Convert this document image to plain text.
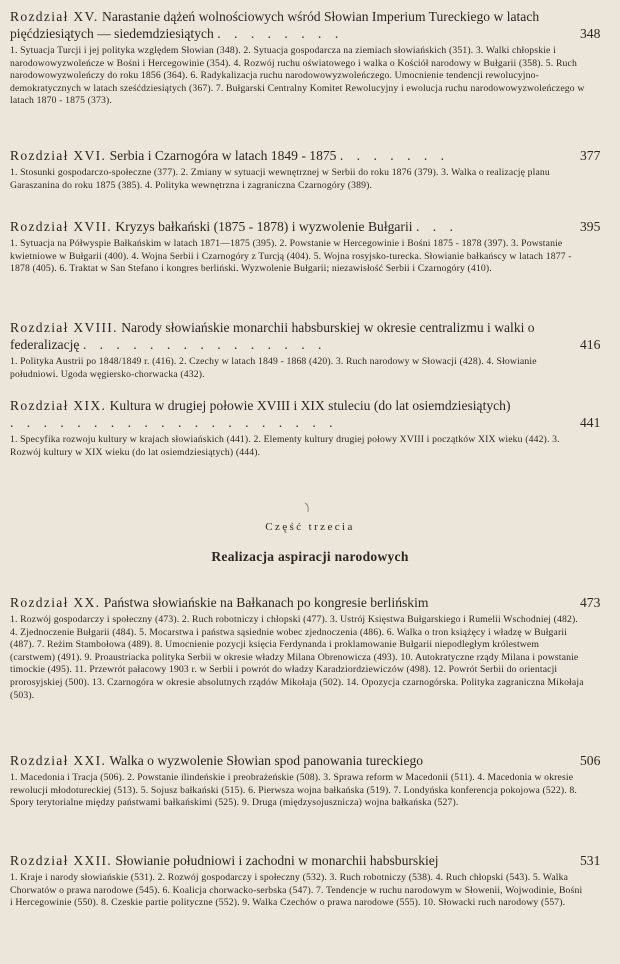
Rozdział XV. Narastanie dążeń wolnościowych wśród Słowian Imperium Tureckiego w latach pięćdziesiątych — siedemdziesiątych . . . . . . . .	348
1. Sytuacja Turcji i jej polityka względem Słowian (348). 2. Sytuacja gospodarcza na ziemiach słowiańskich (351). 3. Walki chłopskie i narodowowyzwoleńcze w Bośni i Hercegowinie (354). 4. Rozwój ruchu oświatowego i walka o Kościół narodowy w Bułgarii (358). 5. Ruch narodowowyzwoleńczy do roku 1856 (364). 6. Radykalizacja ruchu narodowowyzwoleńczego. Umocnienie tendencji rewolucyjno-demokratycznych w latach sześćdziesiątych (367). 7. Bułgarski Centralny Komitet Rewolucyjny i ewolucja ruchu narodowowyzwoleńczego w latach 1870 - 1875 (373).
Rozdział XVI. Serbia i Czarnogóra w latach 1849 - 1875 . . . . . . .	377
1. Stosunki gospodarczo-społeczne (377). 2. Zmiany w sytuacji wewnętrznej w Serbii do roku 1876 (379). 3. Walka o realizację planu Garaszanina do roku 1875 (385). 4. Polityka wewnętrzna i zagraniczna Czarnogóry (389).
Rozdział XVII. Kryzys bałkański (1875 - 1878) i wyzwolenie Bułgarii . . .	395
1. Sytuacja na Półwyspie Bałkańskim w latach 1871—1875 (395). 2. Powstanie w Hercegowinie i Bośni 1875 - 1878 (397). 3. Powstanie kwietniowe w Bułgarii (400). 4. Wojna Serbii i Czarnogóry z Turcją (404). 5. Wojna rosyjsko-turecka. Słowianie bałkańscy w latach 1877 - 1878 (405). 6. Traktat w San Stefano i kongres berliński. Wyzwolenie Bułgarii; niezawisłość Serbii i Czarnogóry (410).
Rozdział XVIII. Narody słowiańskie monarchii habsburskiej w okresie centralizmu i walki o federalizację . . . . . . . . . . . . . . .	416
1. Polityka Austrii po 1848/1849 r. (416). 2. Czechy w latach 1849 - 1868 (420). 3. Ruch narodowy w Słowacji (428). 4. Słowianie południowi. Ugoda węgiersko-chorwacka (432).
Rozdział XIX. Kultura w drugiej połowie XVIII i XIX stuleciu (do lat osiemdziesiątych) . . . . . . . . . . . . . . . . . . . .	441
1. Specyfika rozwoju kultury w krajach słowiańskich (441). 2. Elementy kultury drugiej połowy XVIII i początków XIX wieku (442). 3. Rozwój kultury w XIX wieku (do lat osiemdziesiątych) (444).
Część trzecia
Realizacja aspiracji narodowych
Rozdział XX. Państwa słowiańskie na Bałkanach po kongresie berlińskim	473
1. Rozwój gospodarczy i społeczny (473). 2. Ruch robotniczy i chłopski (477). 3. Ustrój Księstwa Bułgarskiego i Rumelii Wschodniej (482). 4. Zjednoczenie Bułgarii (484). 5. Mocarstwa i państwa sąsiednie wobec zjednoczenia (486). 6. Walka o tron książęcy i władzę w Bułgarii (487). 7. Reżim Stambołowa (489). 8. Umocnienie pozycji księcia Ferdynanda i proklamowanie Bułgarii niepodległym królestwem (carstwem) (491). 9. Proaustriacka polityka Serbii w okresie władzy Milana Obrenowicza (493). 10. Autokratyczne rządy Milana i powstanie timockie (495). 11. Przewrót pałacowy 1903 r. w Serbii i powrót do władzy Karadziordziewiczów (498). 12. Powrót Serbii do orientacji prorosyjskiej (500). 13. Czarnogóra w okresie absolutnych rządów Mikołaja (502). 14. Opozycja czarnogórska. Polityka zagraniczna Mikołaja (503).
Rozdział XXI. Walka o wyzwolenie Słowian spod panowania tureckiego	506
1. Macedonia i Tracja (506). 2. Powstanie ilindeńskie i preobrażeńskie (508). 3. Sprawa reform w Macedonii (511). 4. Macedonia w okresie rewolucji młodotureckiej (513). 5. Sojusz bałkański (515). 6. Pierwsza wojna bałkańska (519). 7. Londyńska konferencja pokojowa (522). 8. Spory terytorialne między państwami bałkańskimi (525). 9. Druga (międzysojusznicza) wojna bałkańska (527).
Rozdział XXII. Słowianie południowi i zachodni w monarchii habsburskiej	531
1. Kraje i narody słowiańskie (531). 2. Rozwój gospodarczy i społeczny (532). 3. Ruch robotniczy (538). 4. Ruch chłopski (543). 5. Walka Chorwatów o prawa narodowe (545). 6. Koalicja chorwacko-serbska (547). 7. Tendencje w ruchu narodowym w Słowenii, Wojwodinie, Bośni i Hercegowinie (550). 8. Czeskie partie polityczne (552). 9. Walka Czechów o prawa narodowe (555). 10. Słowacki ruch narodowy (557).
